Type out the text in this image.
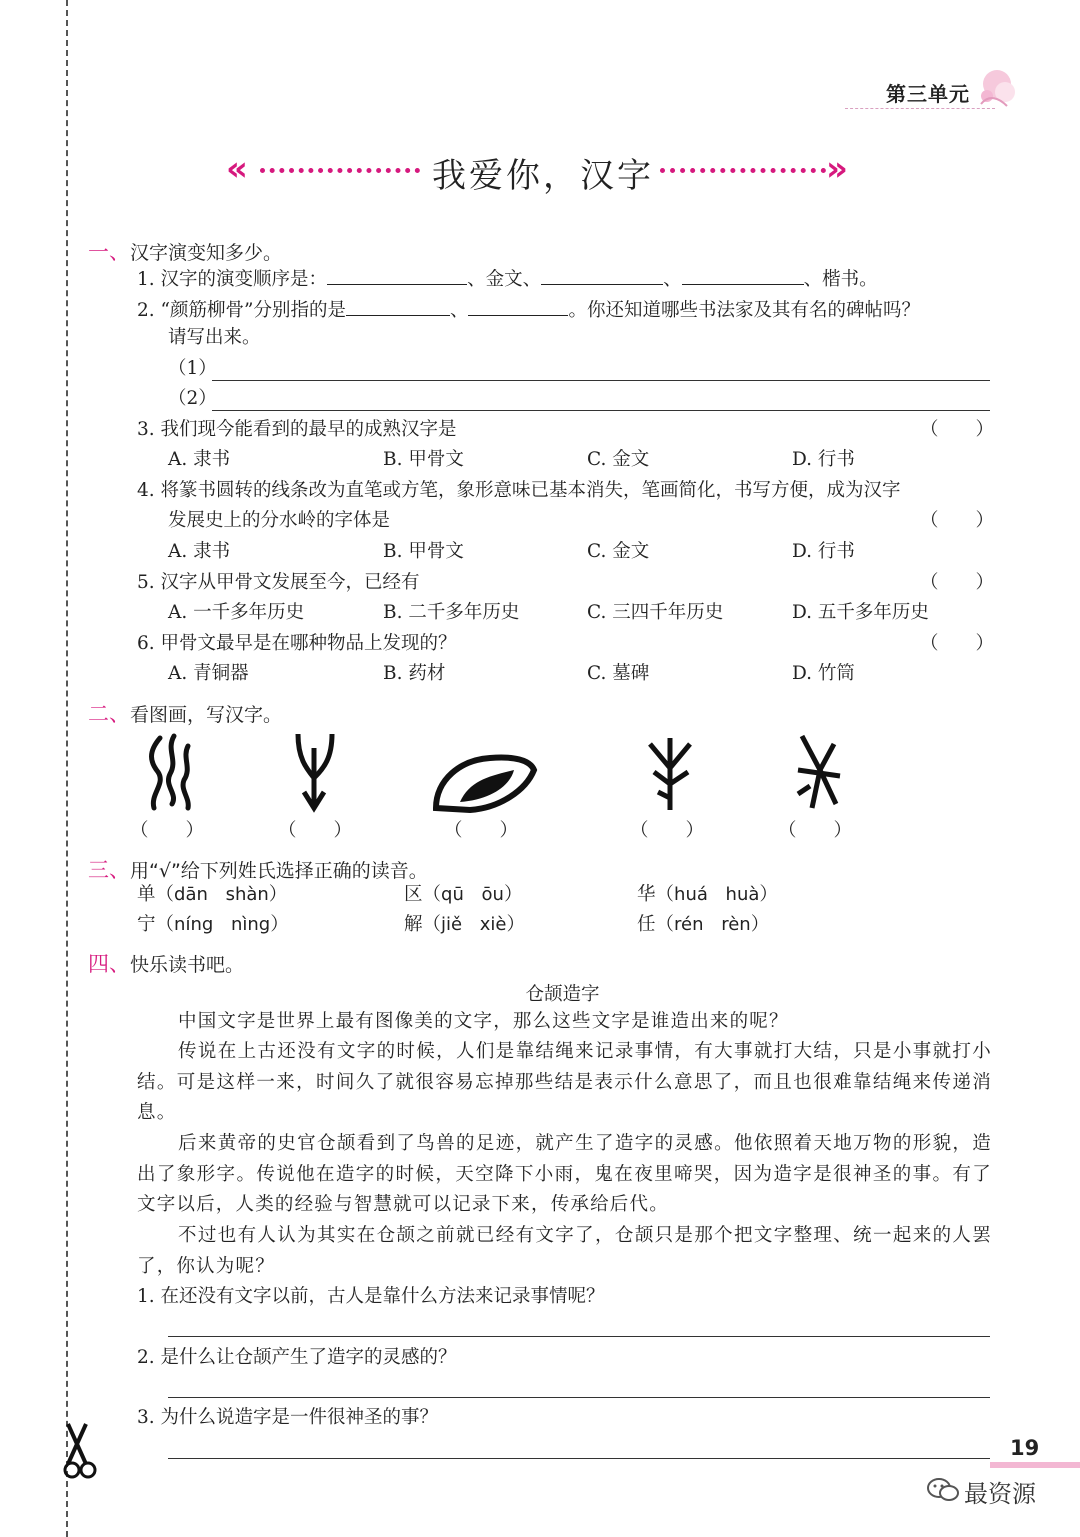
第三单元
«	我爱你，汉字	»
一、汉字演变知多少。
1. 汉字的演变顺序是：	、金文、	、	、楷书。
2. “颜筋柳骨”分别指的是	、	。你还知道哪些书法家及其有名的碑帖吗？
请写出来。
（1）
（2）
3. 我们现今能看到的最早的成熟汉字是	（　　）
A. 隶书	B. 甲骨文	C. 金文	D. 行书
4. 将篆书圆转的线条改为直笔或方笔，象形意味已基本消失，笔画简化，书写方便，成为汉字
发展史上的分水岭的字体是	（　　）
A. 隶书	B. 甲骨文	C. 金文	D. 行书
5. 汉字从甲骨文发展至今，已经有	（　　）
A. 一千多年历史	B. 二千多年历史	C. 三四千年历史	D. 五千多年历史
6. 甲骨文最早是在哪种物品上发现的？	（　　）
A. 青铜器	B. 药材	C. 墓碑	D. 竹筒
二、看图画，写汉字。
（　　）	（　　）	（　　）	（　　）	（　　）
三、用“√”给下列姓氏选择正确的读音。
单（dān shàn）	区（qū ōu）	华（huá huà）
宁（níng nìng）	解（jiě xiè）	任（rén rèn）
四、快乐读书吧。
仓颉造字
中国文字是世界上最有图像美的文字，那么这些文字是谁造出来的呢？
传说在上古还没有文字的时候，人们是靠结绳来记录事情，有大事就打大结，只是小事就打小结。可是这样一来，时间久了就很容易忘掉那些结是表示什么意思了，而且也很难靠结绳来传递消息。
后来黄帝的史官仓颉看到了鸟兽的足迹，就产生了造字的灵感。他依照着天地万物的形貌，造出了象形字。传说他在造字的时候，天空降下小雨，鬼在夜里啼哭，因为造字是很神圣的事。有了文字以后，人类的经验与智慧就可以记录下来，传承给后代。
不过也有人认为其实在仓颉之前就已经有文字了，仓颉只是那个把文字整理、统一起来的人罢了，你认为呢？
1. 在还没有文字以前，古人是靠什么方法来记录事情呢？
2. 是什么让仓颉产生了造字的灵感的？
3. 为什么说造字是一件很神圣的事？
19
最资源
